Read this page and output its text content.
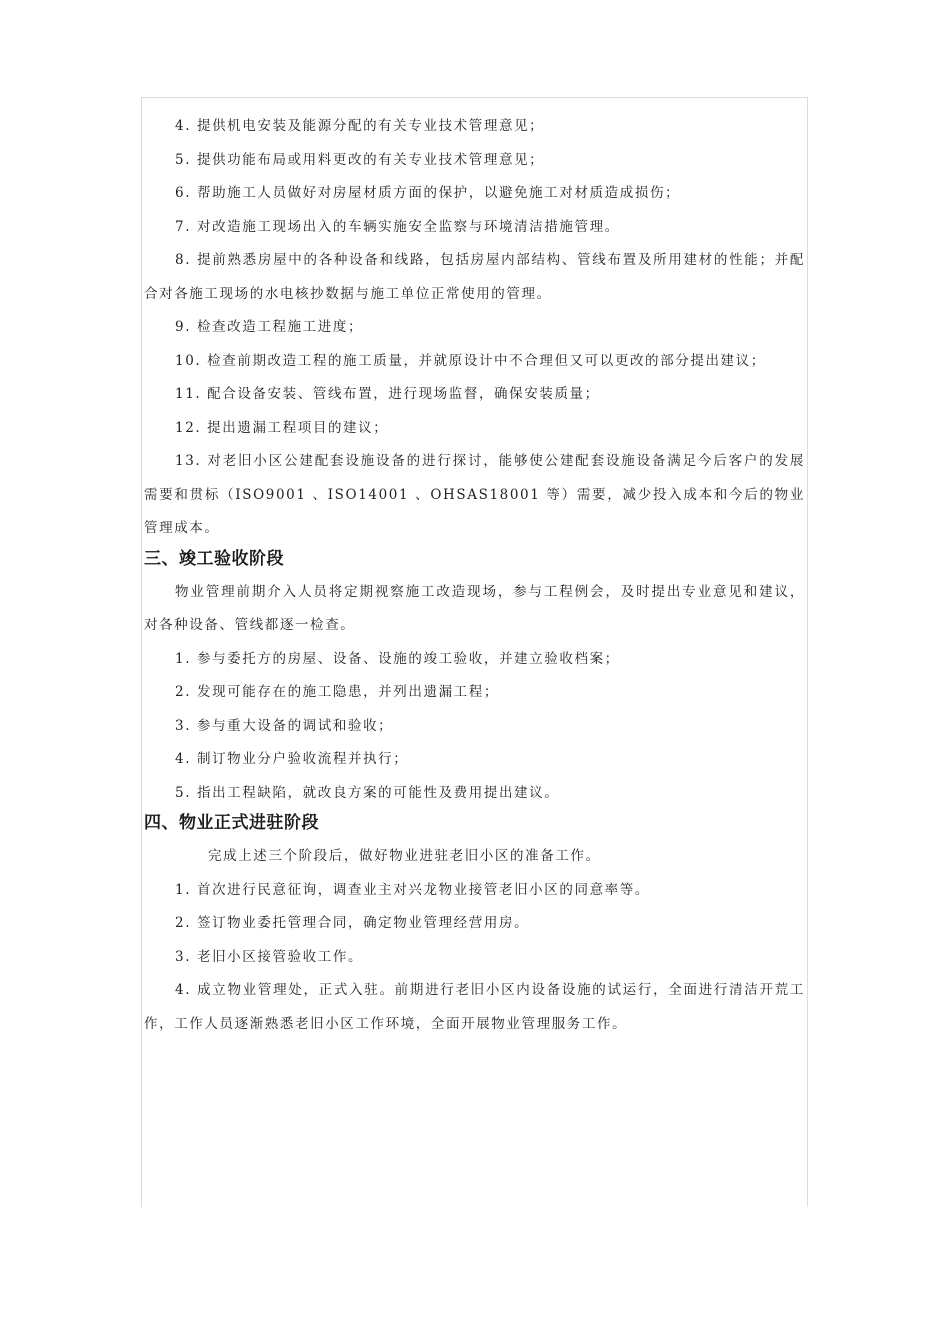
4. 提供机电安装及能源分配的有关专业技术管理意见；

5. 提供功能布局或用料更改的有关专业技术管理意见；

6. 帮助施工人员做好对房屋材质方面的保护，以避免施工对材质造成损伤；

7. 对改造施工现场出入的车辆实施安全监察与环境清洁措施管理。

8. 提前熟悉房屋中的各种设备和线路，包括房屋内部结构、管线布置及所用建材的性能；并配合对各施工现场的水电核抄数据与施工单位正常使用的管理。

9. 检查改造工程施工进度；

10. 检查前期改造工程的施工质量，并就原设计中不合理但又可以更改的部分提出建议；

11. 配合设备安装、管线布置，进行现场监督，确保安装质量；

12. 提出遗漏工程项目的建议；

13. 对老旧小区公建配套设施设备的进行探讨，能够使公建配套设施设备满足今后客户的发展需要和贯标（ISO9001 、ISO14001 、OHSAS18001 等）需要，减少投入成本和今后的物业管理成本。

三、竣工验收阶段

物业管理前期介入人员将定期视察施工改造现场，参与工程例会，及时提出专业意见和建议，对各种设备、管线都逐一检查。

1. 参与委托方的房屋、设备、设施的竣工验收，并建立验收档案；

2. 发现可能存在的施工隐患，并列出遗漏工程；

3. 参与重大设备的调试和验收；

4. 制订物业分户验收流程并执行；

5. 指出工程缺陷，就改良方案的可能性及费用提出建议。

四、物业正式进驻阶段

完成上述三个阶段后，做好物业进驻老旧小区的准备工作。

1. 首次进行民意征询，调查业主对兴龙物业接管老旧小区的同意率等。

2. 签订物业委托管理合同，确定物业管理经营用房。

3. 老旧小区接管验收工作。

4. 成立物业管理处，正式入驻。前期进行老旧小区内设备设施的试运行，全面进行清洁开荒工作，工作人员逐渐熟悉老旧小区工作环境，全面开展物业管理服务工作。
